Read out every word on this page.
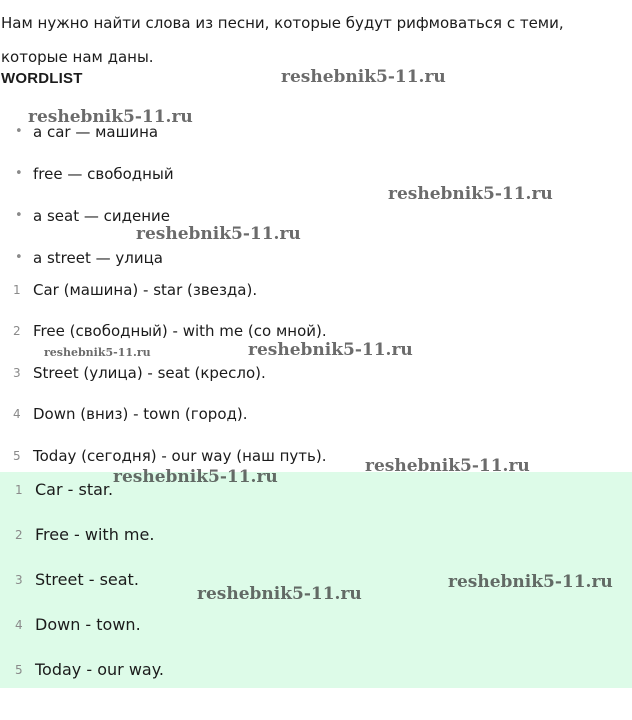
Нам нужно найти слова из песни, которые будут рифмоваться с теми, которые нам даны.

WORDLIST
• a car — машина
• free — свободный
• a seat — сидение
• a street — улица
1 Car (машина) - star (звезда).
2 Free (свободный) - with me (со мной).
3 Street (улица) - seat (кресло).
4 Down (вниз) - town (город).
5 Today (сегодня) - our way (наш путь).
1 Car - star.
2 Free - with me.
3 Street - seat.
4 Down - town.
5 Today - our way.
reshebnik5-11.ru
reshebnik5-11.ru
reshebnik5-11.ru
reshebnik5-11.ru
reshebnik5-11.ru	reshebnik5-11.ru
reshebnik5-11.ru
reshebnik5-11.ru
reshebnik5-11.ru
reshebnik5-11.ru
